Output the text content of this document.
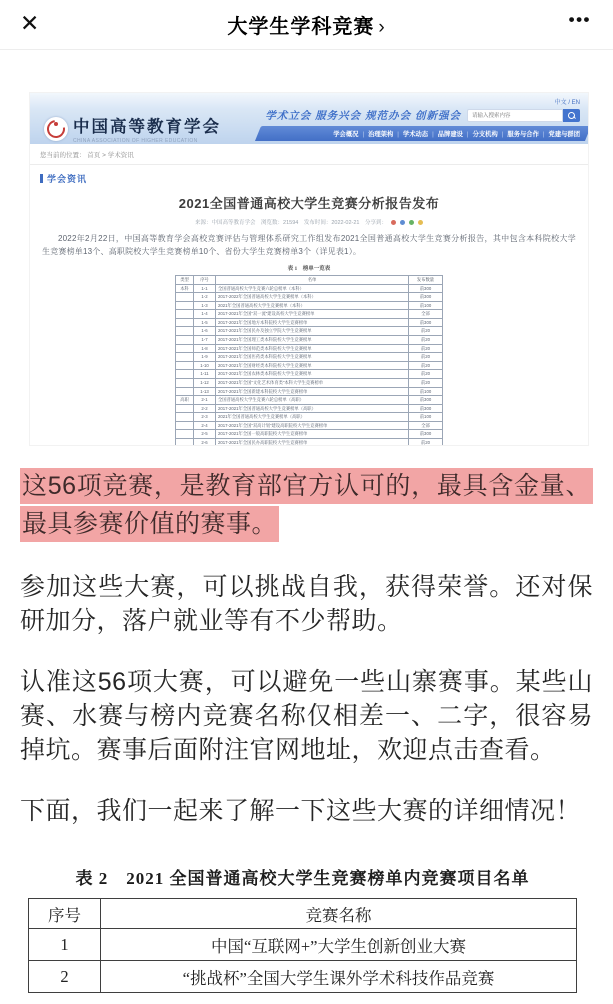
✕	大学生学科竞赛 ›	•••
中文 / EN
中国高等教育学会
CHINA ASSOCIATION OF HIGHER EDUCATION
学术立会 服务兴会 规范办会 创新强会
请输入搜索内容
学会概况	| 治理架构	| 学术动态	| 品牌建设	| 分支机构	| 服务与合作	| 党建与群团
您当前的位置： 首页 > 学术资讯
学会资讯
2021全国普通高校大学生竞赛分析报告发布
来源：中国高等教育学会　浏览数：21594　发布时间：2022-02-21　分享到：
2022年2月22日，中国高等教育学会高校竞赛评估与管理体系研究工作组发布2021全国普通高校大学生竞赛分析报告，其中包含本科院校大学生竞赛榜单13个、高职院校大学生竞赛榜单10个、省份大学生竞赛榜单3个（详见表1）。
表 1　榜单一览表
类型	序号	名单	发布数量
本科	1-1	全国普通高校大学生竞赛六轮总榜单（本科）	前300
	1-2	2017-2022年全国普通高校大学生竞赛榜单（本科）	前300
	1-3	2021年全国普通高校大学生竞赛榜单（本科）	前100
	1-4	2017-2021年全国“双一流”建设高校大学生竞赛榜单	全部
	1-5	2017-2021年全国地方本科院校大学生竞赛榜单	前300
	1-6	2017-2021年全国民办及独立学院大学生竞赛榜单	前20
	1-7	2017-2021年全国理工类本科院校大学生竞赛榜单	前20
	1-8	2017-2021年全国师范类本科院校大学生竞赛榜单	前20
	1-9	2017-2021年全国医药类本科院校大学生竞赛榜单	前20
	1-10	2017-2021年全国财经类本科院校大学生竞赛榜单	前20
	1-11	2017-2021年全国农林类本科院校大学生竞赛榜单	前20
	1-12	2017-2021年全国“文化艺术体育类”本科大学生竞赛榜单	前20
	1-13	2017-2021年全国新建本科院校大学生竞赛榜单	前100
高职	2-1	全国普通高校大学生竞赛六轮总榜单（高职）	前300
	2-2	2017-2021年全国普通高校大学生竞赛榜单（高职）	前300
	2-3	2021年全国普通高校大学生竞赛榜单（高职）	前100
	2-4	2017-2021年全国“双高计划”建设高职院校大学生竞赛榜单	全部
	2-5	2017-2021年全国一般高职院校大学生竞赛榜单	前300
	2-6	2017-2021年全国民办高职院校大学生竞赛榜单	前20

这56项竞赛，是教育部官方认可的，最具含金量、最具参赛价值的赛事。

参加这些大赛，可以挑战自我，获得荣誉。还对保研加分，落户就业等有不少帮助。

认准这56项大赛，可以避免一些山寨赛事。某些山赛、水赛与榜内竞赛名称仅相差一、二字，很容易掉坑。赛事后面附注官网地址，欢迎点击查看。

下面，我们一起来了解一下这些大赛的详细情况！

表 2　2021 全国普通高校大学生竞赛榜单内竞赛项目名单
序号	竞赛名称
1	中国“互联网+”大学生创新创业大赛
2	“挑战杯”全国大学生课外学术科技作品竞赛
